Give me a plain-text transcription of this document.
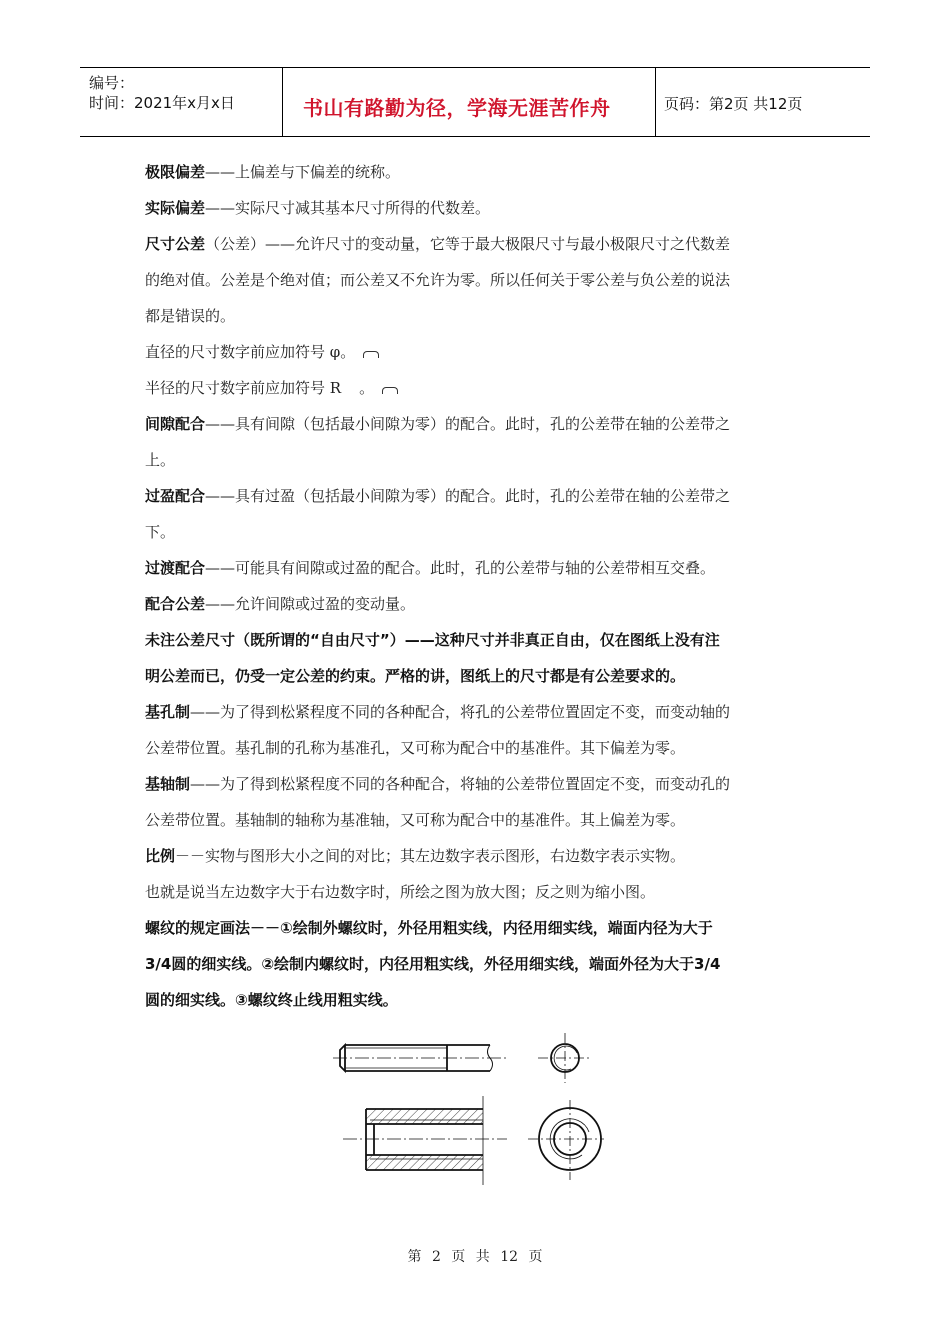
编号：
时间：2021年x月x日	书山有路勤为径，学海无涯苦作舟	页码：第2页 共12页

极限偏差——上偏差与下偏差的统称。

实际偏差——实际尺寸减其基本尺寸所得的代数差。

尺寸公差（公差）——允许尺寸的变动量，它等于最大极限尺寸与最小极限尺寸之代数差

的绝对值。公差是个绝对值；而公差又不允许为零。所以任何关于零公差与负公差的说法

都是错误的。

直径的尺寸数字前应加符号 φ。

半径的尺寸数字前应加符号 R 。

间隙配合——具有间隙（包括最小间隙为零）的配合。此时，孔的公差带在轴的公差带之

上。

过盈配合——具有过盈（包括最小间隙为零）的配合。此时，孔的公差带在轴的公差带之

下。

过渡配合——可能具有间隙或过盈的配合。此时，孔的公差带与轴的公差带相互交叠。

配合公差——允许间隙或过盈的变动量。

未注公差尺寸（既所谓的“自由尺寸”）——这种尺寸并非真正自由，仅在图纸上没有注

明公差而已，仍受一定公差的约束。严格的讲，图纸上的尺寸都是有公差要求的。

基孔制——为了得到松紧程度不同的各种配合，将孔的公差带位置固定不变，而变动轴的

公差带位置。基孔制的孔称为基准孔，又可称为配合中的基准件。其下偏差为零。

基轴制——为了得到松紧程度不同的各种配合，将轴的公差带位置固定不变，而变动孔的

公差带位置。基轴制的轴称为基准轴，又可称为配合中的基准件。其上偏差为零。

比例－－实物与图形大小之间的对比；其左边数字表示图形，右边数字表示实物。

也就是说当左边数字大于右边数字时，所绘之图为放大图；反之则为缩小图。

螺纹的规定画法－－①绘制外螺纹时，外径用粗实线，内径用细实线，端面内径为大于

3/4圆的细实线。②绘制内螺纹时，内径用粗实线，外径用细实线，端面外径为大于3/4

圆的细实线。③螺纹终止线用粗实线。

第 2 页 共 12 页
